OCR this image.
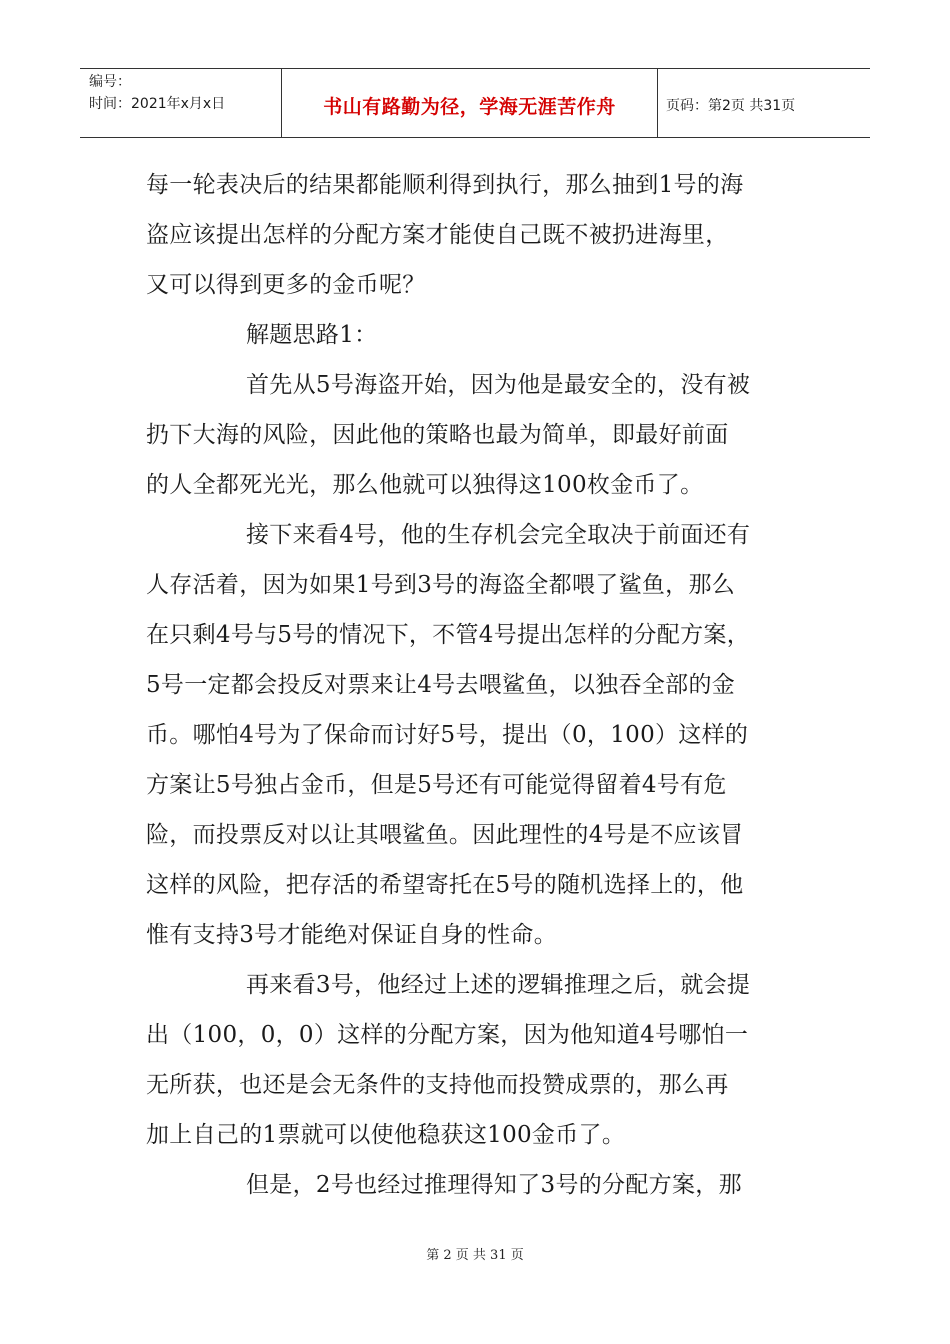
编号：
时间：2021年x月x日	书山有路勤为径，学海无涯苦作舟	页码：第2页 共31页
每一轮表决后的结果都能顺利得到执行，那么抽到1号的海
盗应该提出怎样的分配方案才能使自己既不被扔进海里，
又可以得到更多的金币呢？
解题思路1：
首先从5号海盗开始，因为他是最安全的，没有被
扔下大海的风险，因此他的策略也最为简单，即最好前面
的人全都死光光，那么他就可以独得这100枚金币了。
接下来看4号，他的生存机会完全取决于前面还有
人存活着，因为如果1号到3号的海盗全都喂了鲨鱼，那么
在只剩4号与5号的情况下，不管4号提出怎样的分配方案，
5号一定都会投反对票来让4号去喂鲨鱼，以独吞全部的金
币。哪怕4号为了保命而讨好5号，提出（0，100）这样的
方案让5号独占金币，但是5号还有可能觉得留着4号有危
险，而投票反对以让其喂鲨鱼。因此理性的4号是不应该冒
这样的风险，把存活的希望寄托在5号的随机选择上的，他
惟有支持3号才能绝对保证自身的性命。
再来看3号，他经过上述的逻辑推理之后，就会提
出（100，0，0）这样的分配方案，因为他知道4号哪怕一
无所获，也还是会无条件的支持他而投赞成票的，那么再
加上自己的1票就可以使他稳获这100金币了。
但是，2号也经过推理得知了3号的分配方案，那
第 2 页 共 31 页
